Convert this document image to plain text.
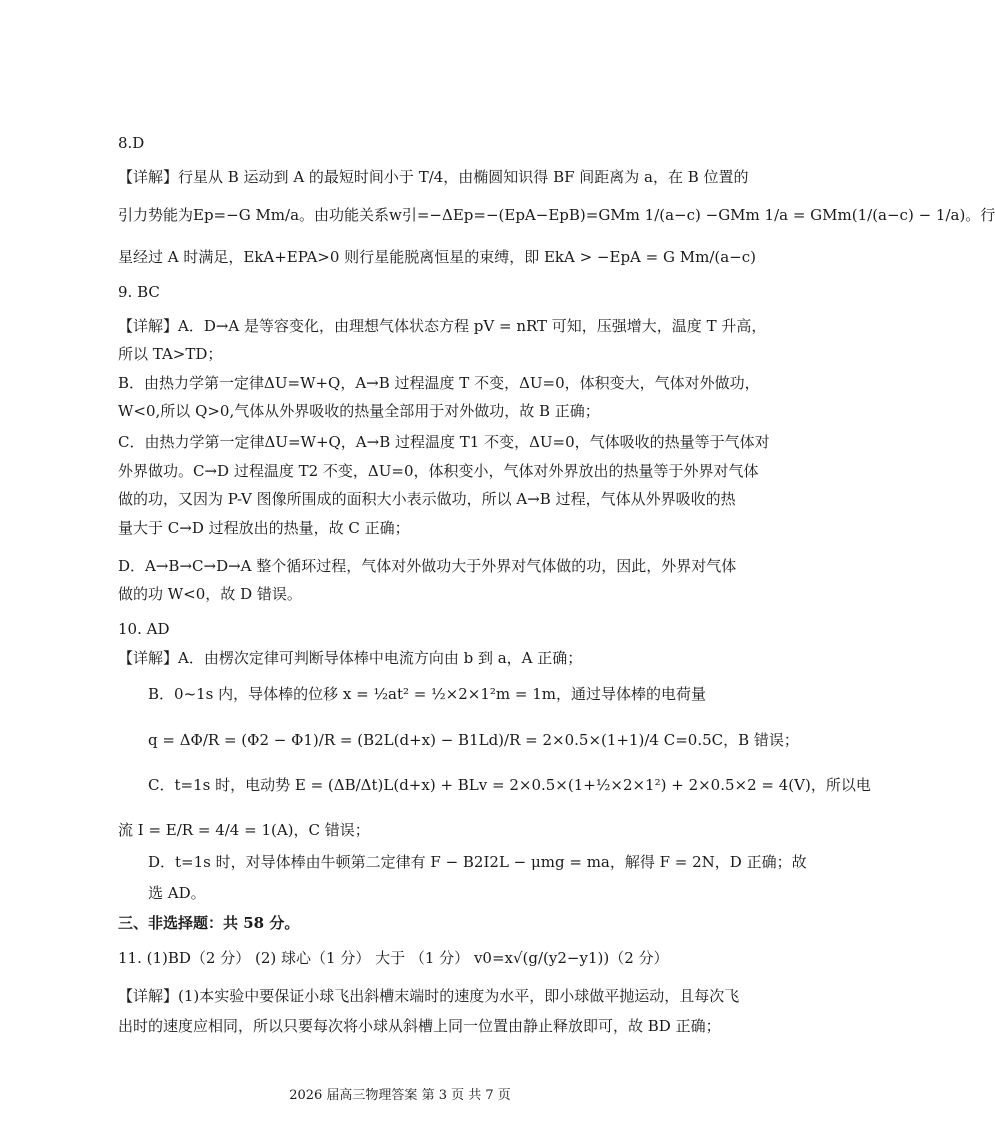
8.D
【详解】行星从 B 运动到 A 的最短时间小于 T/4，由椭圆知识得 BF 间距离为 a，在 B 位置的
引力势能为Ep=−G Mm/a。由功能关系w引=−ΔEp=−(EpA−EpB)=GMm 1/(a−c) −GMm 1/a = GMm(1/(a−c) − 1/a)。行
星经过 A 时满足，EkA+EPA>0 则行星能脱离恒星的束缚，即 EkA > −EpA = G Mm/(a−c)
9. BC
【详解】A．D→A 是等容变化，由理想气体状态方程 pV = nRT 可知，压强增大，温度 T 升高，
所以 TA>TD；
B．由热力学第一定律ΔU=W+Q，A→B 过程温度 T 不变，ΔU=0，体积变大，气体对外做功，
W<0,所以 Q>0,气体从外界吸收的热量全部用于对外做功，故 B 正确；
C．由热力学第一定律ΔU=W+Q，A→B 过程温度 T1 不变，ΔU=0，气体吸收的热量等于气体对
外界做功。C→D 过程温度 T2 不变，ΔU=0，体积变小，气体对外界放出的热量等于外界对气体
做的功，又因为 P-V 图像所围成的面积大小表示做功，所以 A→B 过程，气体从外界吸收的热
量大于 C→D 过程放出的热量，故 C 正确；
D．A→B→C→D→A 整个循环过程，气体对外做功大于外界对气体做的功，因此，外界对气体
做的功 W<0，故 D 错误。
10. AD
【详解】A．由楞次定律可判断导体棒中电流方向由 b 到 a，A 正确；
B．0~1s 内，导体棒的位移 x = ½at² = ½×2×1²m = 1m，通过导体棒的电荷量
q = ΔΦ/R = (Φ2 − Φ1)/R = (B2L(d+x) − B1Ld)/R = 2×0.5×(1+1)/4 C=0.5C，B 错误；
C．t=1s 时，电动势 E = (ΔB/Δt)L(d+x) + BLv = 2×0.5×(1+½×2×1²) + 2×0.5×2 = 4(V)，所以电
流 I = E/R = 4/4 = 1(A)，C 错误；
D．t=1s 时，对导体棒由牛顿第二定律有 F − B2I2L − μmg = ma，解得 F = 2N，D 正确；故
选 AD。
三、非选择题：共 58 分。
11. (1)BD（2 分） (2) 球心（1 分） 大于 （1 分） v0=x√(g/(y2−y1))（2 分）
【详解】(1)本实验中要保证小球飞出斜槽末端时的速度为水平，即小球做平抛运动，且每次飞
出时的速度应相同，所以只要每次将小球从斜槽上同一位置由静止释放即可，故 BD 正确；
2026 届高三物理答案 第 3 页 共 7 页
